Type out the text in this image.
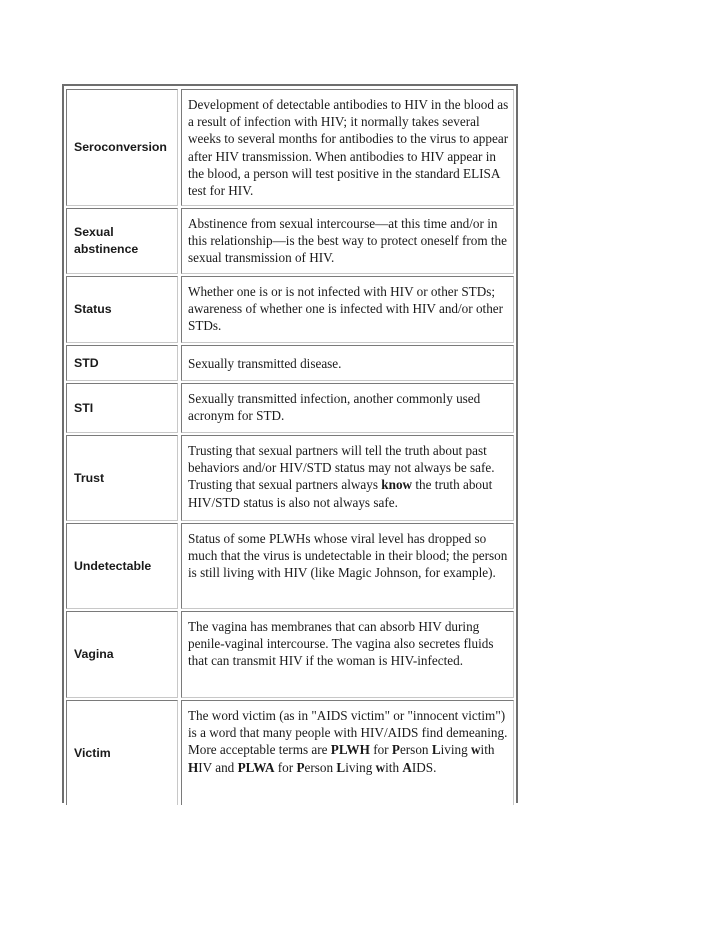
Seroconversion
Development of detectable antibodies to HIV in the blood as a result of infection with HIV; it normally takes several weeks to several months for antibodies to the virus to appear after HIV transmission. When antibodies to HIV appear in the blood, a person will test positive in the standard ELISA test for HIV.
Sexual abstinence
Abstinence from sexual intercourse—at this time and/or in this relationship—is the best way to protect oneself from the sexual transmission of HIV.
Status
Whether one is or is not infected with HIV or other STDs; awareness of whether one is infected with HIV and/or other STDs.
STD	Sexually transmitted disease.
STI
Sexually transmitted infection, another commonly used acronym for STD.
Trust
Trusting that sexual partners will tell the truth about past behaviors and/or HIV/STD status may not always be safe. Trusting that sexual partners always know the truth about HIV/STD status is also not always safe.
Undetectable
Status of some PLWHs whose viral level has dropped so much that the virus is undetectable in their blood; the person is still living with HIV (like Magic Johnson, for example).
Vagina
The vagina has membranes that can absorb HIV during penile-vaginal intercourse. The vagina also secretes fluids that can transmit HIV if the woman is HIV-infected.
Victim
The word victim (as in "AIDS victim" or "innocent victim") is a word that many people with HIV/AIDS find demeaning. More acceptable terms are PLWH for Person Living with HIV and PLWA for Person Living with AIDS.
